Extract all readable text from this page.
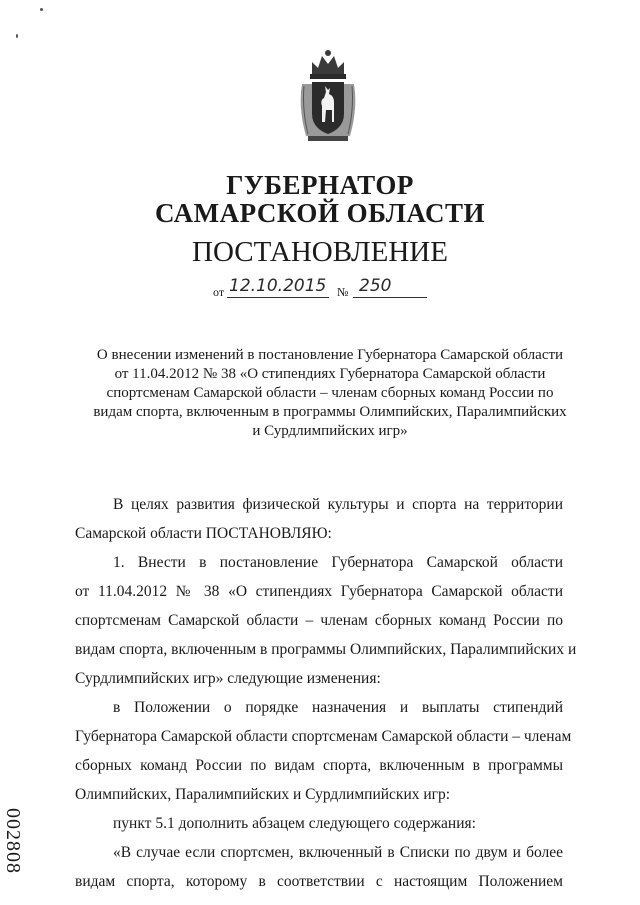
ГУБЕРНАТОР
САМАРСКОЙ ОБЛАСТИ
ПОСТАНОВЛЕНИЕ
от 12.10.2015 № 250
О внесении изменений в постановление Губернатора Самарской области
от 11.04.2012 № 38 «О стипендиях Губернатора Самарской области
спортсменам Самарской области – членам сборных команд России по
видам спорта, включенным в программы Олимпийских, Паралимпийских
и Сурдлимпийских игр»
В целях развития физической культуры и спорта на территории
Самарской области ПОСТАНОВЛЯЮ:
1. Внести в постановление Губернатора Самарской области
от 11.04.2012 № 38 «О стипендиях Губернатора Самарской области
спортсменам Самарской области – членам сборных команд России по
видам спорта, включенным в программы Олимпийских, Паралимпийских и
Сурдлимпийских игр» следующие изменения:
в Положении о порядке назначения и выплаты стипендий
Губернатора Самарской области спортсменам Самарской области – членам
сборных команд России по видам спорта, включенным в программы
Олимпийских, Паралимпийских и Сурдлимпийских игр:
пункт 5.1 дополнить абзацем следующего содержания:
«В случае если спортсмен, включенный в Списки по двум и более
видам спорта, которому в соответствии с настоящим Положением
002808
